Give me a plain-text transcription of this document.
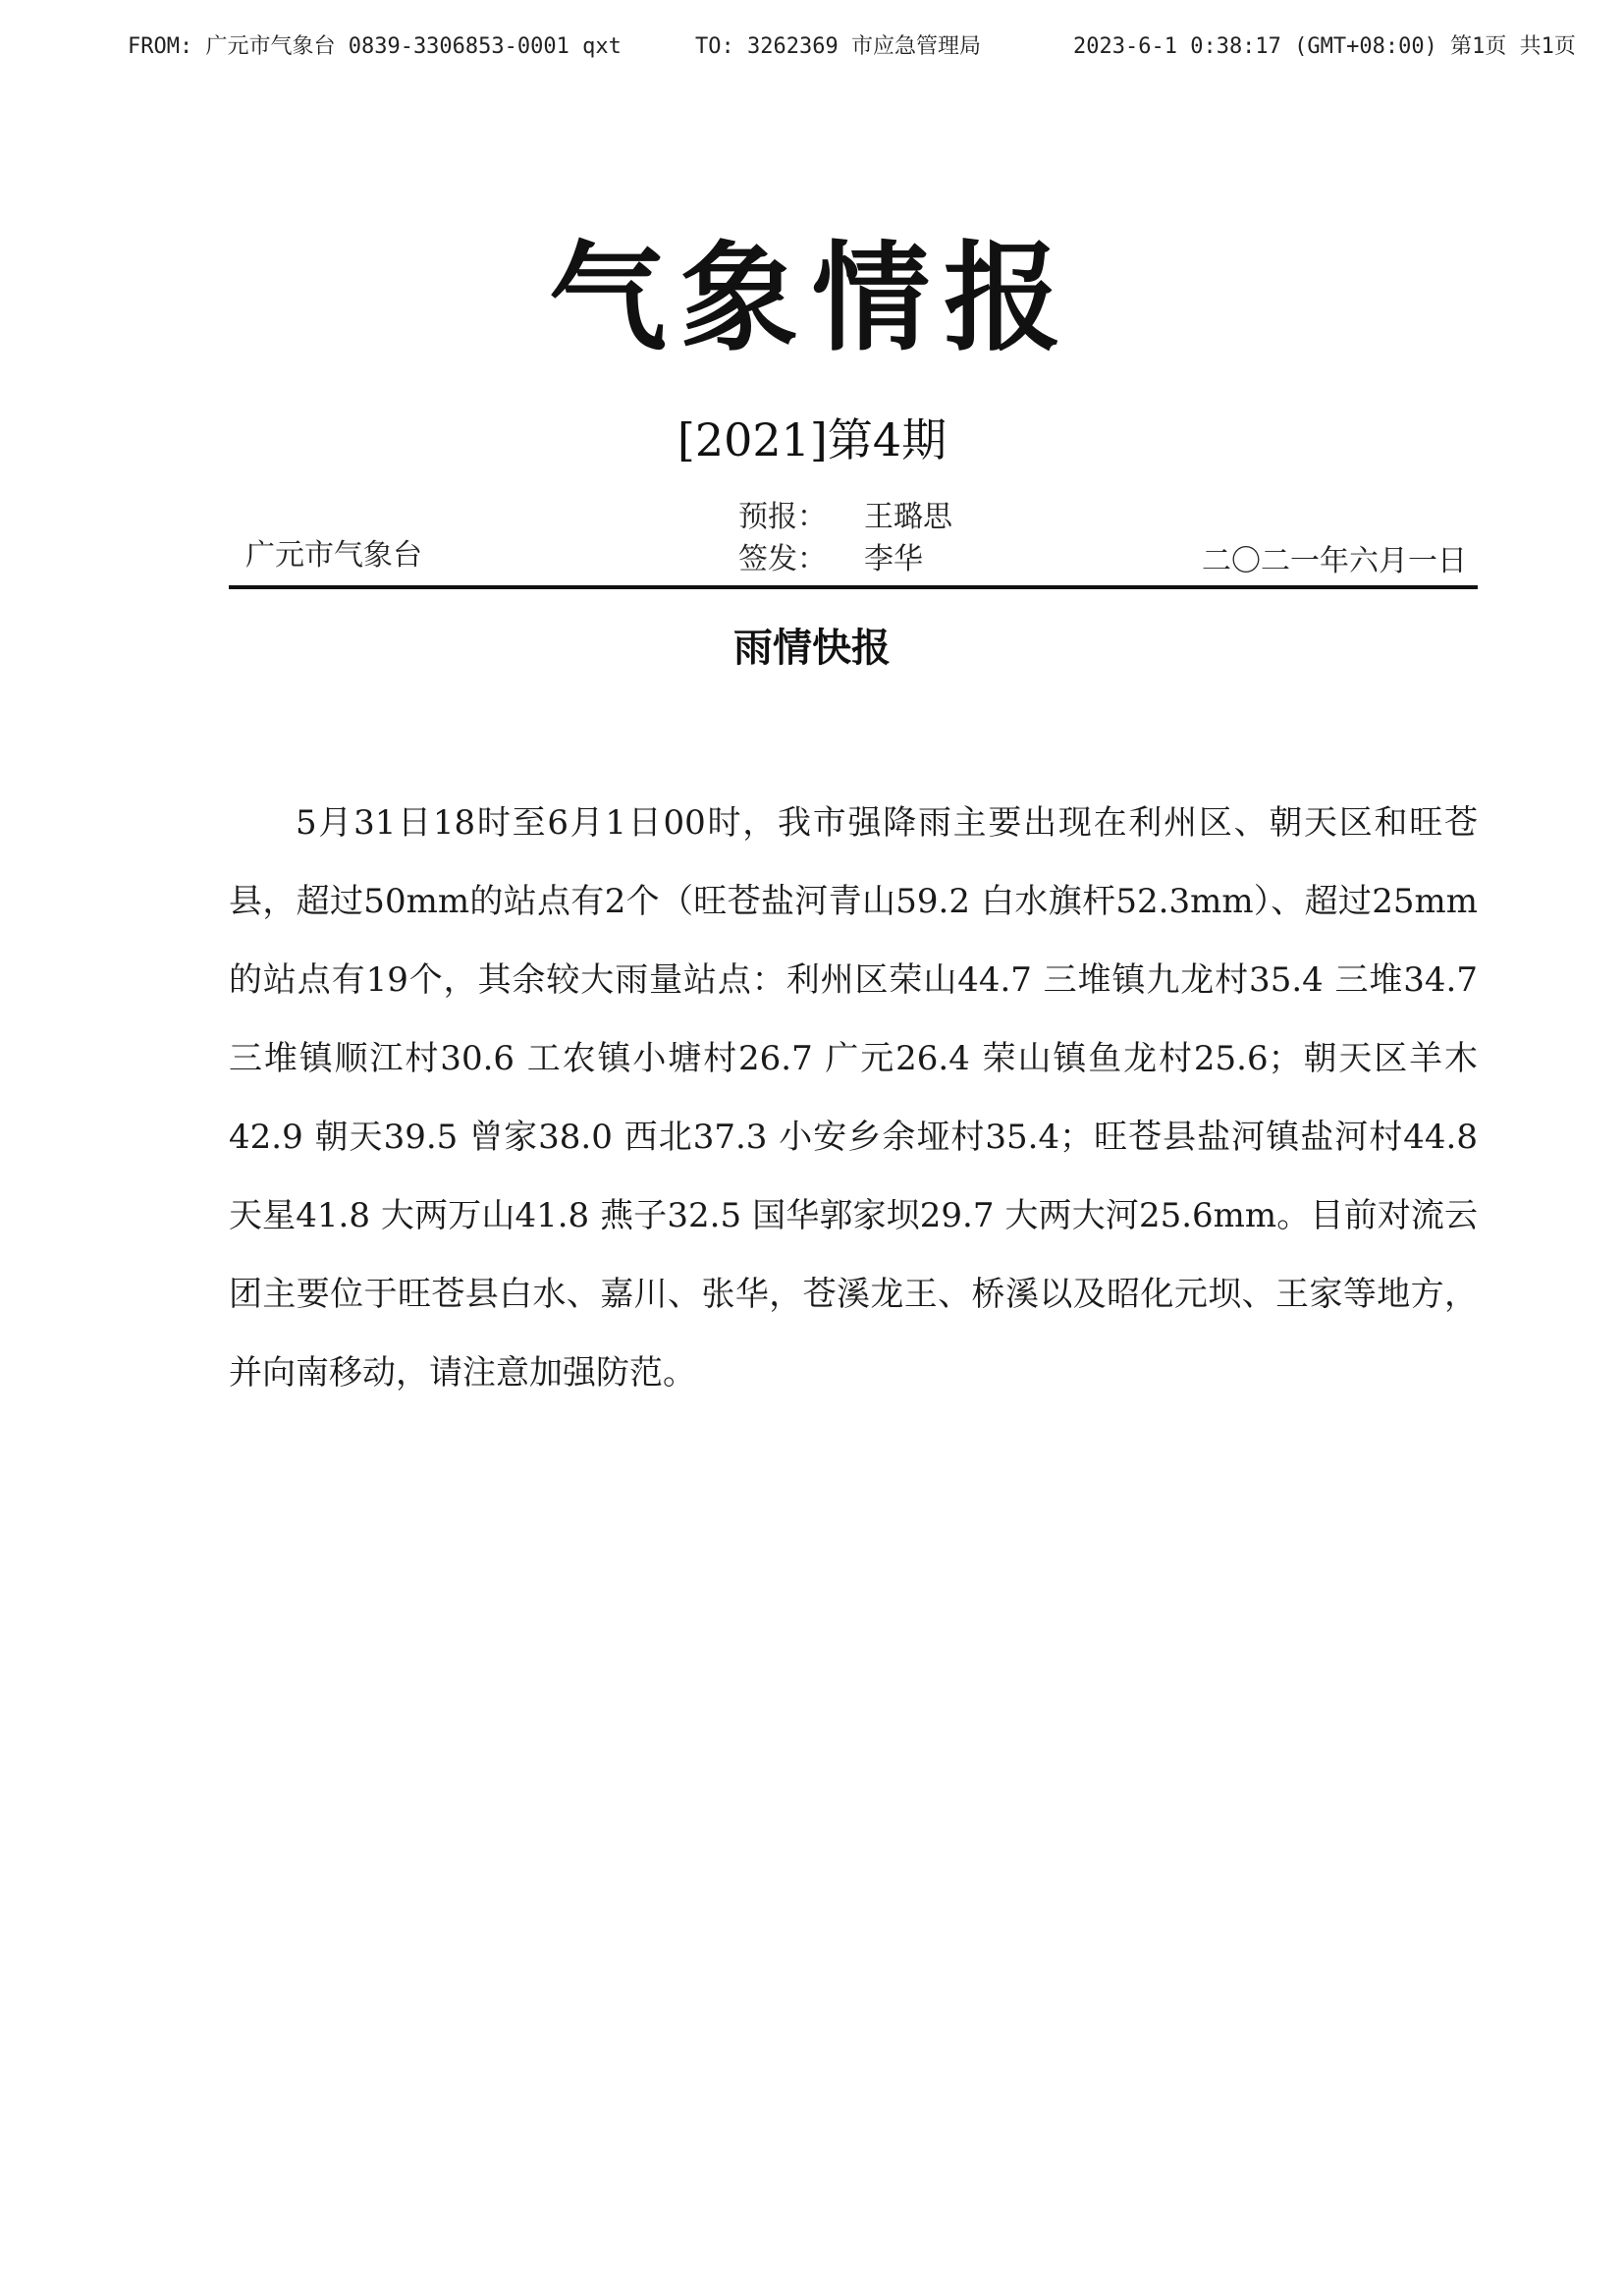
FROM: 广元市气象台 0839-3306853-0001 qxt	TO: 3262369 市应急管理局	2023-6-1 0:38:17 (GMT+08:00) 第1页 共1页
气象情报
[2021]第4期
预报： 王璐思
签发： 李华
广元市气象台	二〇二一年六月一日
雨情快报

5月31日18时至6月1日00时，我市强降雨主要出现在利州区、朝天区和旺苍县，超过50mm的站点有2个（旺苍盐河青山59.2 白水旗杆52.3mm）、超过25mm的站点有19个，其余较大雨量站点：利州区荣山44.7 三堆镇九龙村35.4 三堆34.7 三堆镇顺江村30.6 工农镇小塘村26.7 广元26.4 荣山镇鱼龙村25.6；朝天区羊木42.9 朝天39.5 曾家38.0 西北37.3 小安乡余垭村35.4；旺苍县盐河镇盐河村44.8 天星41.8 大两万山41.8 燕子32.5 国华郭家坝29.7 大两大河25.6mm。目前对流云团主要位于旺苍县白水、嘉川、张华，苍溪龙王、桥溪以及昭化元坝、王家等地方，并向南移动，请注意加强防范。
